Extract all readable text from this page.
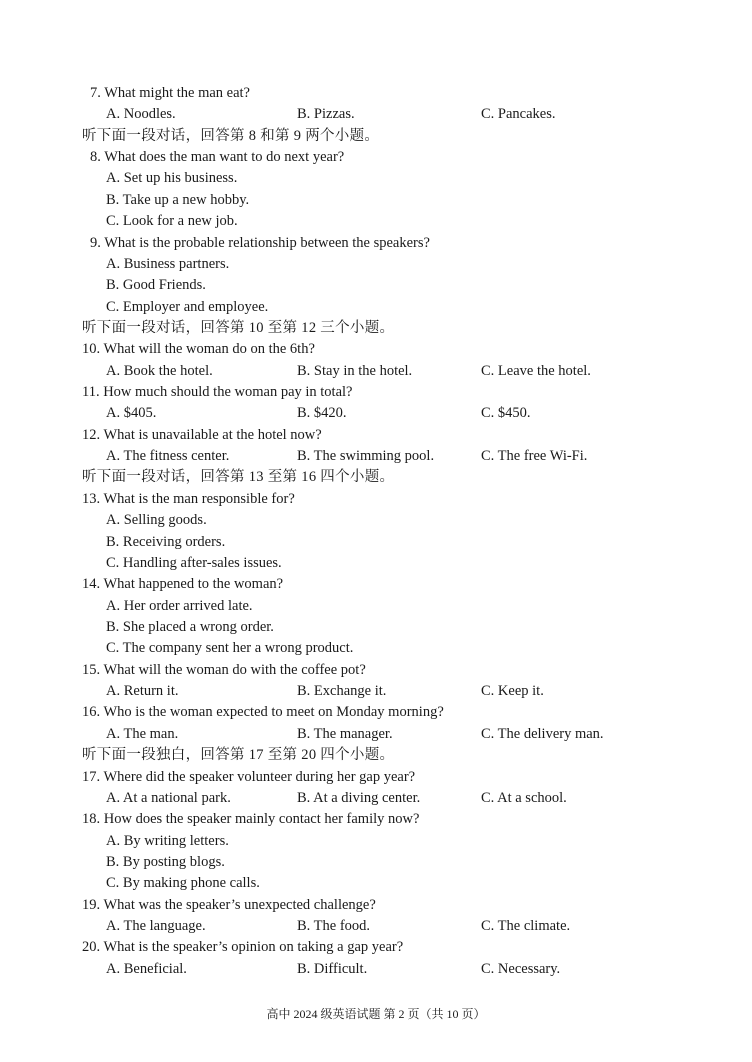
7. What might the man eat?
A. Noodles.	B. Pizzas.	C. Pancakes.
听下面一段对话，回答第 8 和第 9 两个小题。
8. What does the man want to do next year?
A. Set up his business.
B. Take up a new hobby.
C. Look for a new job.
9. What is the probable relationship between the speakers?
A. Business partners.
B. Good Friends.
C. Employer and employee.
听下面一段对话，回答第 10 至第 12 三个小题。
10. What will the woman do on the 6th?
A. Book the hotel.	B. Stay in the hotel.	C. Leave the hotel.
11. How much should the woman pay in total?
A. $405.	B. $420.	C. $450.
12. What is unavailable at the hotel now?
A. The fitness center.	B. The swimming pool.	C. The free Wi-Fi.
听下面一段对话，回答第 13 至第 16 四个小题。
13. What is the man responsible for?
A. Selling goods.
B. Receiving orders.
C. Handling after-sales issues.
14. What happened to the woman?
A. Her order arrived late.
B. She placed a wrong order.
C. The company sent her a wrong product.
15. What will the woman do with the coffee pot?
A. Return it.	B. Exchange it.	C. Keep it.
16. Who is the woman expected to meet on Monday morning?
A. The man.	B. The manager.	C. The delivery man.
听下面一段独白，回答第 17 至第 20 四个小题。
17. Where did the speaker volunteer during her gap year?
A. At a national park.	B. At a diving center.	C. At a school.
18. How does the speaker mainly contact her family now?
A. By writing letters.
B. By posting blogs.
C. By making phone calls.
19. What was the speaker’s unexpected challenge?
A. The language.	B. The food.	C. The climate.
20. What is the speaker’s opinion on taking a gap year?
A. Beneficial.	B. Difficult.	C. Necessary.
高中 2024 级英语试题 第 2 页（共 10 页）
